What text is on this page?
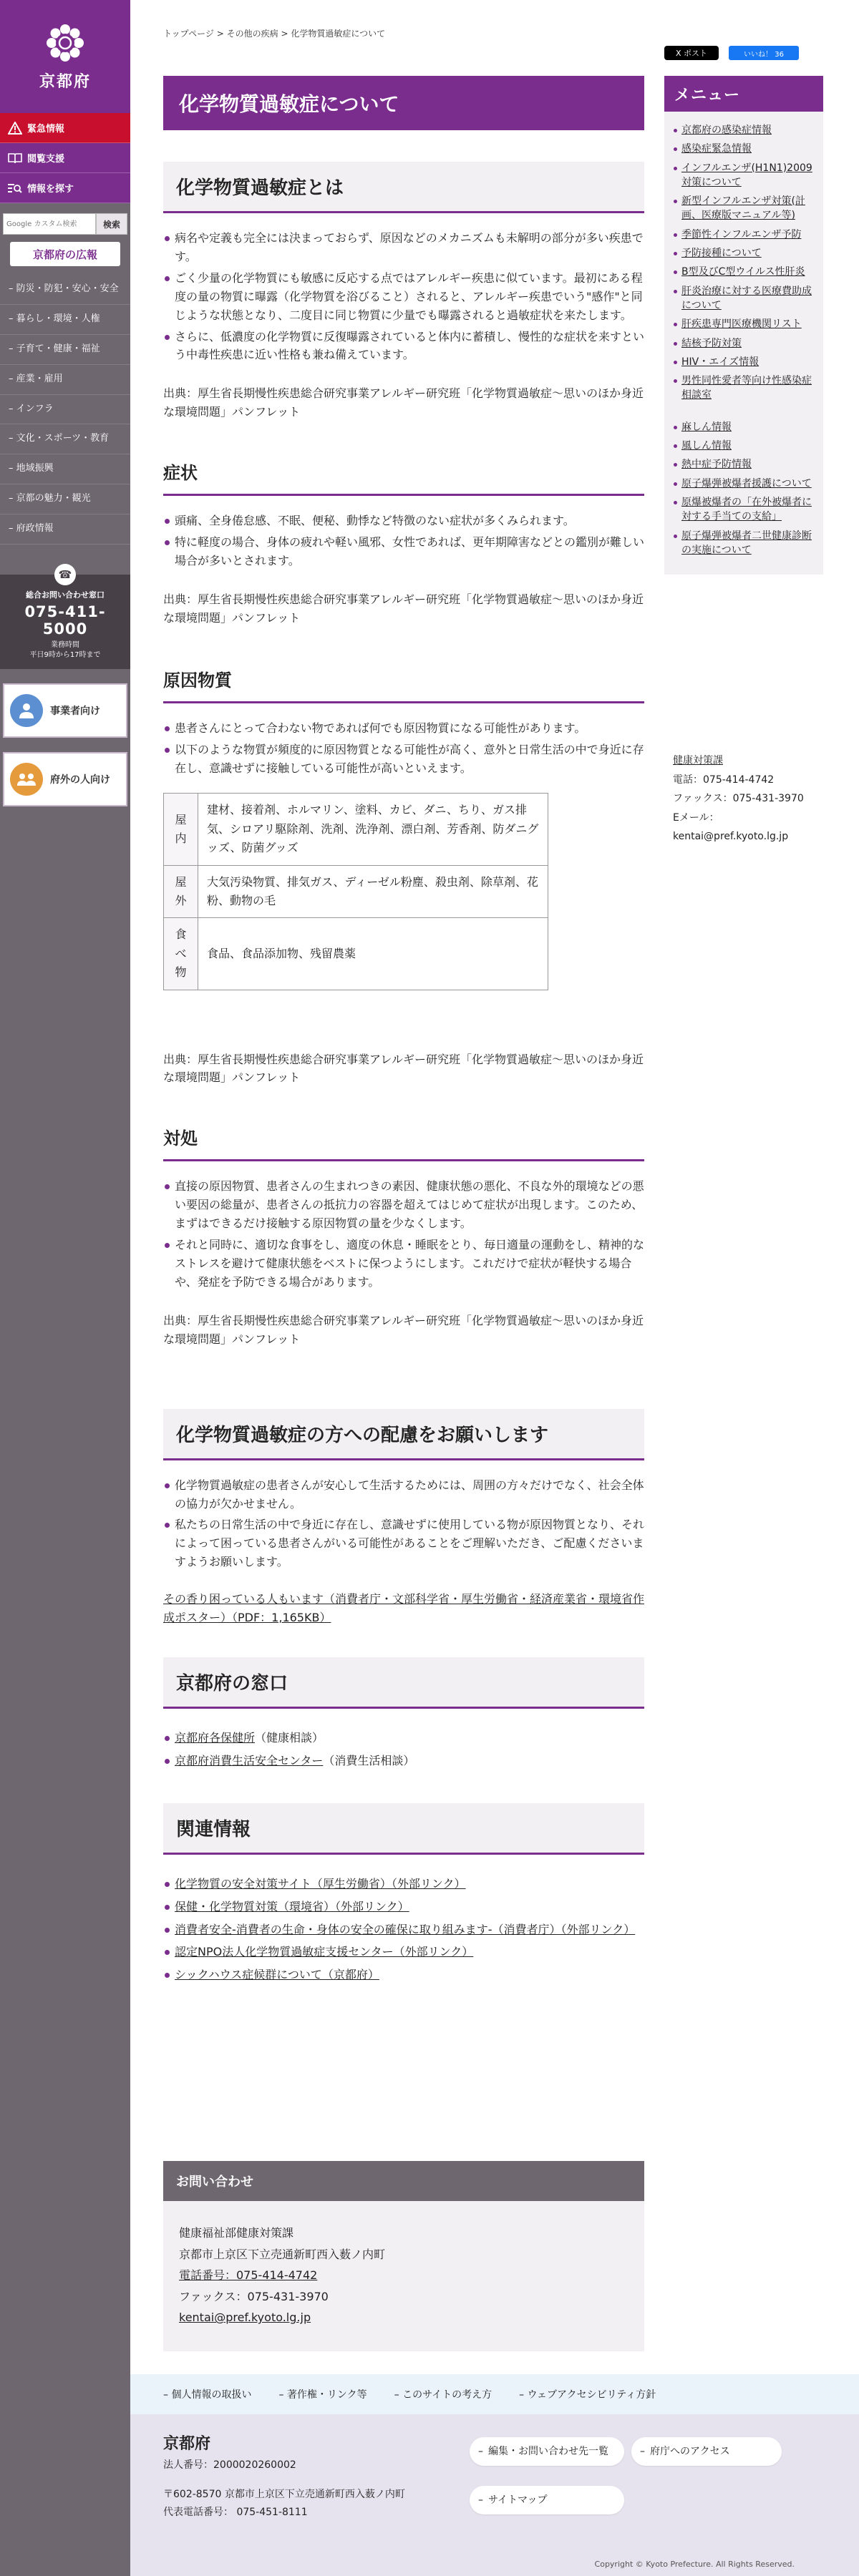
京都府
緊急情報
閲覧支援
情報を探す
Google カスタム検索
検索
京都府の広報
– 防災・防犯・安心・安全
– 暮らし・環境・人権
– 子育て・健康・福祉
– 産業・雇用
– インフラ
– 文化・スポーツ・教育
– 地域振興
– 京都の魅力・観光
– 府政情報
☎
総合お問い合わせ窓口
075-411-5000
業務時間
平日9時から17時まで
事業者向け
府外の人向け
トップページ > その他の疾病 > 化学物質過敏症について
X ポスト	いいね！ 36
化学物質過敏症について
化学物質過敏症とは
病名や定義も完全には決まっておらず、原因などのメカニズムも未解明の部分が多い疾患です。
ごく少量の化学物質にも敏感に反応する点ではアレルギー疾患に似ています。最初にある程度の量の物質に曝露（化学物質を浴びること）されると、アレルギー疾患でいう"感作"と同じような状態となり、二度目に同じ物質に少量でも曝露されると過敏症状を来たします。
さらに、低濃度の化学物質に反復曝露されていると体内に蓄積し、慢性的な症状を来すという中毒性疾患に近い性格も兼ね備えています。

出典：厚生省長期慢性疾患総合研究事業アレルギー研究班「化学物質過敏症～思いのほか身近な環境問題」パンフレット

症状
頭痛、全身倦怠感、不眠、便秘、動悸など特徴のない症状が多くみられます。
特に軽度の場合、身体の疲れや軽い風邪、女性であれば、更年期障害などとの鑑別が難しい場合が多いとされます。

出典：厚生省長期慢性疾患総合研究事業アレルギー研究班「化学物質過敏症～思いのほか身近な環境問題」パンフレット

原因物質
患者さんにとって合わない物であれば何でも原因物質になる可能性があります。
以下のような物質が頻度的に原因物質となる可能性が高く、意外と日常生活の中で身近に存在し、意識せずに接触している可能性が高いといえます。
屋内	建材、接着剤、ホルマリン、塗料、カビ、ダニ、ちり、ガス排気、シロアリ駆除剤、洗剤、洗浄剤、漂白剤、芳香剤、防ダニグッズ、防菌グッズ
屋外	大気汚染物質、排気ガス、ディーゼル粉塵、殺虫剤、除草剤、花粉、動物の毛
食べ物	食品、食品添加物、残留農薬

出典：厚生省長期慢性疾患総合研究事業アレルギー研究班「化学物質過敏症～思いのほか身近な環境問題」パンフレット

対処
直接の原因物質、患者さんの生まれつきの素因、健康状態の悪化、不良な外的環境などの悪い要因の総量が、患者さんの抵抗力の容器を超えてはじめて症状が出現します。このため、まずはできるだけ接触する原因物質の量を少なくします。
それと同時に、適切な食事をし、適度の休息・睡眠をとり、毎日適量の運動をし、精神的なストレスを避けて健康状態をベストに保つようにします。これだけで症状が軽快する場合や、発症を予防できる場合があります。

出典：厚生省長期慢性疾患総合研究事業アレルギー研究班「化学物質過敏症～思いのほか身近な環境問題」パンフレット

化学物質過敏症の方への配慮をお願いします
化学物質過敏症の患者さんが安心して生活するためには、周囲の方々だけでなく、社会全体の協力が欠かせません。
私たちの日常生活の中で身近に存在し、意識せずに使用している物が原因物質となり、それによって困っている患者さんがいる可能性があることをご理解いただき、ご配慮くださいますようお願いします。
その香り困っている人もいます（消費者庁・文部科学省・厚生労働省・経済産業省・環境省作成ポスター）（PDF：1,165KB）
京都府の窓口
京都府各保健所（健康相談）
京都府消費生活安全センター（消費生活相談）
関連情報
化学物質の安全対策サイト（厚生労働省）（外部リンク）
保健・化学物質対策（環境省）（外部リンク）
消費者安全-消費者の生命・身体の安全の確保に取り組みます-（消費者庁）（外部リンク）
認定NPO法人化学物質過敏症支援センター（外部リンク）
シックハウス症候群について（京都府）
お問い合わせ
健康福祉部健康対策課
京都市上京区下立売通新町西入薮ノ内町
電話番号：075-414-4742
ファックス：075-431-3970
kentai@pref.kyoto.lg.jp
メニュー
京都府の感染症情報
感染症緊急情報
インフルエンザ(H1N1)2009対策について
新型インフルエンザ対策(計画、医療版マニュアル等)
季節性インフルエンザ予防
予防接種について
B型及びC型ウイルス性肝炎
肝炎治療に対する医療費助成について
肝疾患専門医療機関リスト
結核予防対策
HIV・エイズ情報
男性同性愛者等向け性感染症相談室
麻しん情報
風しん情報
熱中症予防情報
原子爆弾被爆者援護について
原爆被爆者の「在外被爆者に対する手当ての支給」
原子爆弾被爆者二世健康診断の実施について
健康対策課
電話：075-414-4742
ファックス：075-431-3970
Eメール：
kentai@pref.kyoto.lg.jp
– 個人情報の取扱い	– 著作権・リンク等	– このサイトの考え方	– ウェブアクセシビリティ方針
京都府
法人番号：2000020260002
〒602-8570 京都市上京区下立売通新町西入薮ノ内町
代表電話番号： 075-451-8111
– 編集・お問い合わせ先一覧	– 府庁へのアクセス
– サイトマップ
Copyright © Kyoto Prefecture. All Rights Reserved.
